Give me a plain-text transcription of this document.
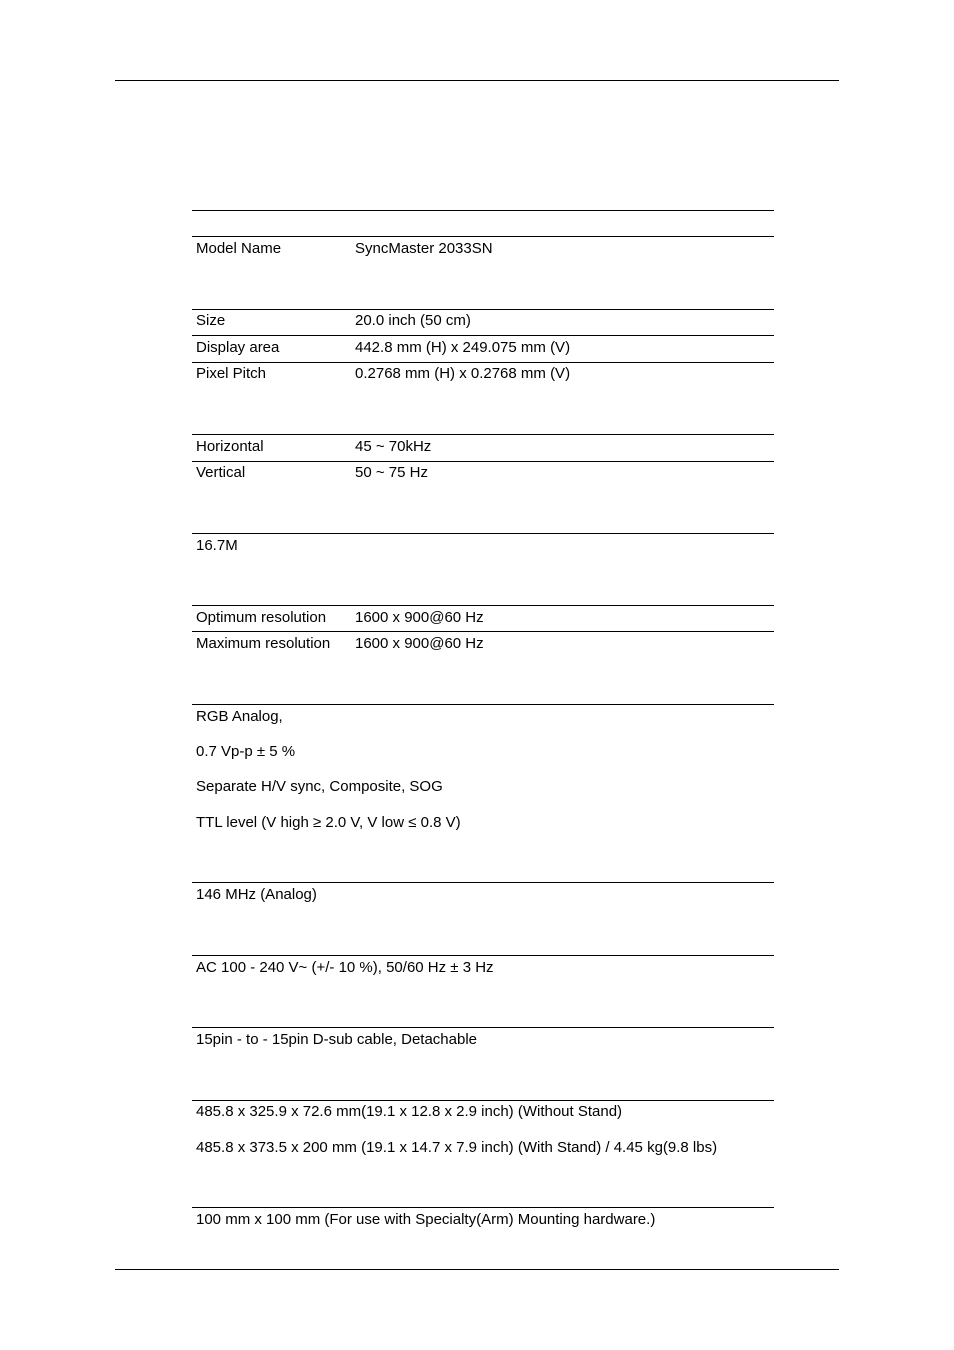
Model Name	SyncMaster 2033SN
Size	20.0 inch (50 cm)
Display area	442.8 mm (H) x 249.075 mm (V)
Pixel Pitch	0.2768 mm (H) x 0.2768 mm (V)
Horizontal	45 ~ 70kHz
Vertical	50 ~ 75 Hz
16.7M
Optimum resolution 1600 x 900@60 Hz
Maximum resolution 1600 x 900@60 Hz
RGB Analog,
0.7 Vp-p ± 5 %
Separate H/V sync, Composite, SOG
TTL level (V high ≥ 2.0 V, V low ≤ 0.8 V)
146 MHz (Analog)
AC 100 - 240 V~ (+/- 10 %), 50/60 Hz ± 3 Hz
15pin - to - 15pin D-sub cable, Detachable
485.8 x 325.9 x 72.6 mm(19.1 x 12.8 x 2.9 inch) (Without Stand)
485.8 x 373.5 x 200 mm (19.1 x 14.7 x 7.9 inch) (With Stand) / 4.45 kg(9.8 lbs)
100 mm x 100 mm (For use with Specialty(Arm) Mounting hardware.)
